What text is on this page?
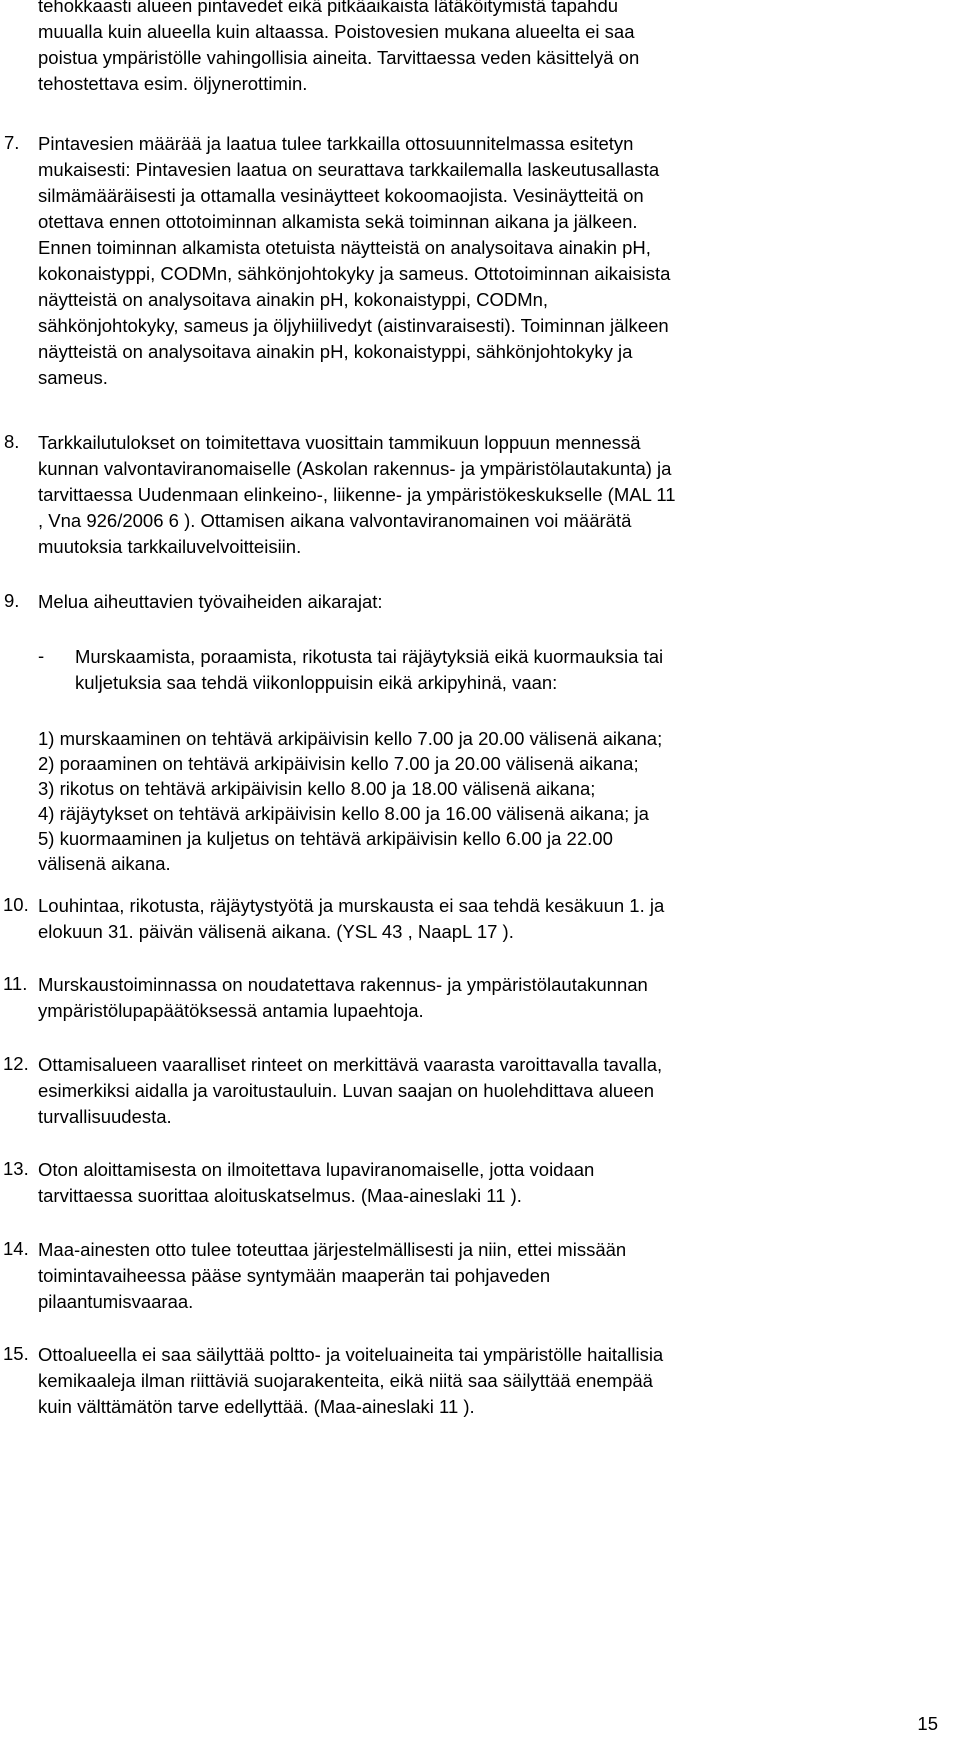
tehokkaasti alueen pintavedet eikä pitkäaikaista lätäköitymistä tapahdu

muualla kuin alueella kuin altaassa. Poistovesien mukana alueelta ei saa

poistua ympäristölle vahingollisia aineita. Tarvittaessa veden käsittelyä on

tehostettava esim. öljynerottimin.

7.	Pintavesien määrää ja laatua tulee tarkkailla ottosuunnitelmassa esitetyn
mukaisesti: Pintavesien laatua on seurattava tarkkailemalla laskeutusallasta
silmämääräisesti ja ottamalla vesinäytteet kokoomaojista. Vesinäytteitä on
otettava ennen ottotoiminnan alkamista sekä toiminnan aikana ja jälkeen.
Ennen toiminnan alkamista otetuista näytteistä on analysoitava ainakin pH,
kokonaistyppi, CODMn, sähkönjohtokyky ja sameus. Ottotoiminnan aikaisista
näytteistä on analysoitava ainakin pH, kokonaistyppi, CODMn,
sähkönjohtokyky, sameus ja öljyhiilivedyt (aistinvaraisesti). Toiminnan jälkeen
näytteistä on analysoitava ainakin pH, kokonaistyppi, sähkönjohtokyky ja
sameus.
8.	Tarkkailutulokset on toimitettava vuosittain tammikuun loppuun mennessä
kunnan valvontaviranomaiselle (Askolan rakennus- ja ympäristölautakunta) ja
tarvittaessa Uudenmaan elinkeino-, liikenne- ja ympäristökeskukselle (MAL 11
, Vna 926/2006 6 ). Ottamisen aikana valvontaviranomainen voi määrätä
muutoksia tarkkailuvelvoitteisiin.
9.	Melua aiheuttavien työvaiheiden aikarajat:
-	Murskaamista, poraamista, rikotusta tai räjäytyksiä eikä kuormauksia tai
kuljetuksia saa tehdä viikonloppuisin eikä arkipyhinä, vaan:
1) murskaaminen on tehtävä arkipäivisin kello 7.00 ja 20.00 välisenä aikana;
2) poraaminen on tehtävä arkipäivisin kello 7.00 ja 20.00 välisenä aikana;
3) rikotus on tehtävä arkipäivisin kello 8.00 ja 18.00 välisenä aikana;
4) räjäytykset on tehtävä arkipäivisin kello 8.00 ja 16.00 välisenä aikana; ja
5) kuormaaminen ja kuljetus on tehtävä arkipäivisin kello 6.00 ja 22.00
välisenä aikana.
10. Louhintaa, rikotusta, räjäytystyötä ja murskausta ei saa tehdä kesäkuun 1. ja
elokuun 31. päivän välisenä aikana. (YSL 43 , NaapL 17 ).
11. Murskaustoiminnassa on noudatettava rakennus- ja ympäristölautakunnan
ympäristölupapäätöksessä antamia lupaehtoja.
12. Ottamisalueen vaaralliset rinteet on merkittävä vaarasta varoittavalla tavalla,
esimerkiksi aidalla ja varoitustauluin. Luvan saajan on huolehdittava alueen
turvallisuudesta.
13. Oton aloittamisesta on ilmoitettava lupaviranomaiselle, jotta voidaan
tarvittaessa suorittaa aloituskatselmus. (Maa-aineslaki 11 ).
14. Maa-ainesten otto tulee toteuttaa järjestelmällisesti ja niin, ettei missään
toimintavaiheessa pääse syntymään maaperän tai pohjaveden
pilaantumisvaaraa.
15. Ottoalueella ei saa säilyttää poltto- ja voiteluaineita tai ympäristölle haitallisia
kemikaaleja ilman riittäviä suojarakenteita, eikä niitä saa säilyttää enempää
kuin välttämätön tarve edellyttää. (Maa-aineslaki 11 ).
15
